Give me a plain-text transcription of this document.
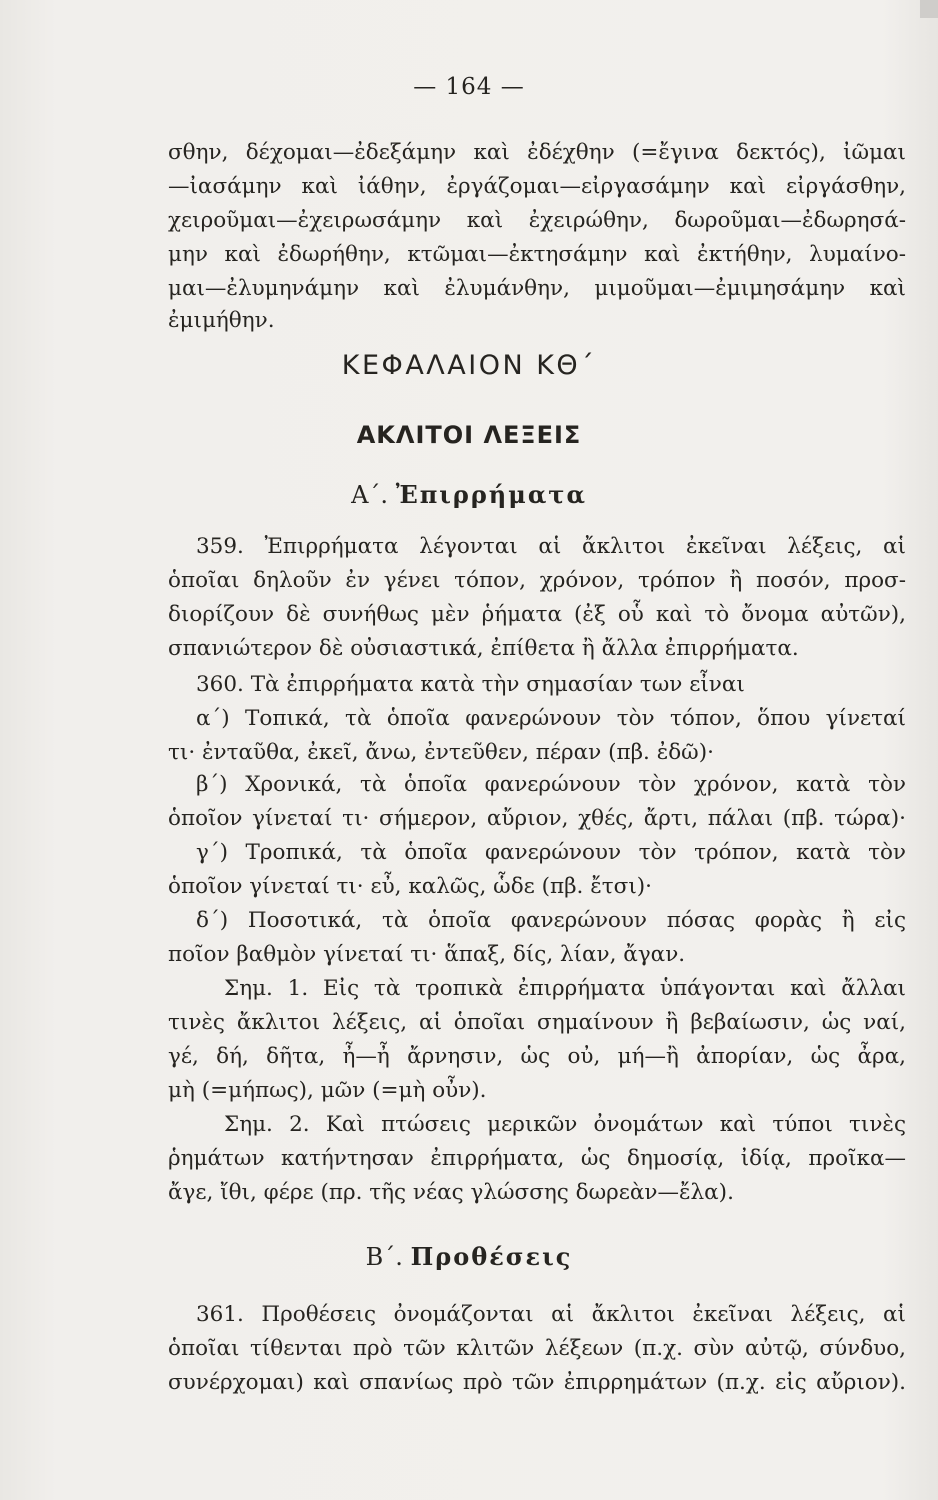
— 164 —
σθην, δέχομαι—ἐδεξάμην καὶ ἐδέχθην (=ἔγινα δεκτός), ἰῶμαι
—ἰασάμην καὶ ἰάθην, ἐργάζομαι—εἰργασάμην καὶ εἰργάσθην,
χειροῦμαι—ἐχειρωσάμην καὶ ἐχειρώθην, δωροῦμαι—ἐδωρησά-
μην καὶ ἐδωρήθην, κτῶμαι—ἐκτησάμην καὶ ἐκτήθην, λυμαίνο-
μαι—ἐλυμηνάμην καὶ ἐλυμάνθην, μιμοῦμαι—ἐμιμησάμην καὶ
ἐμιμήθην.
ΚΕΦΑΛΑΙΟΝ ΚΘ΄
ΑΚΛΙΤΟΙ ΛΕΞΕΙΣ
Α΄. Ἐπιρρήματα
359. Ἐπιρρήματα λέγονται αἱ ἄκλιτοι ἐκεῖναι λέξεις, αἱ
ὁποῖαι δηλοῦν ἐν γένει τόπον, χρόνον, τρόπον ἢ ποσόν, προσ-
διορίζουν δὲ συνήθως μὲν ῥήματα (ἐξ οὗ καὶ τὸ ὄνομα αὐτῶν),
σπανιώτερον δὲ οὐσιαστικά, ἐπίθετα ἢ ἄλλα ἐπιρρήματα.
360. Τὰ ἐπιρρήματα κατὰ τὴν σημασίαν των εἶναι
α΄) Τοπικά, τὰ ὁποῖα φανερώνουν τὸν τόπον, ὅπου γίνεταί
τι· ἐνταῦθα, ἐκεῖ, ἄνω, ἐντεῦθεν, πέραν (πβ. ἐδῶ)·
β΄) Χρονικά, τὰ ὁποῖα φανερώνουν τὸν χρόνον, κατὰ τὸν
ὁποῖον γίνεταί τι· σήμερον, αὔριον, χθές, ἄρτι, πάλαι (πβ. τώρα)·
γ΄) Τροπικά, τὰ ὁποῖα φανερώνουν τὸν τρόπον, κατὰ τὸν
ὁποῖον γίνεταί τι· εὖ, καλῶς, ὧδε (πβ. ἔτσι)·
δ΄) Ποσοτικά, τὰ ὁποῖα φανερώνουν πόσας φορὰς ἢ εἰς
ποῖον βαθμὸν γίνεταί τι· ἅπαξ, δίς, λίαν, ἄγαν.
Σημ. 1. Εἰς τὰ τροπικὰ ἐπιρρήματα ὑπάγονται καὶ ἄλλαι
τινὲς ἄκλιτοι λέξεις, αἱ ὁποῖαι σημαίνουν ἢ βεβαίωσιν, ὡς ναί,
γέ, δή, δῆτα, ἦ—ἦ ἄρνησιν, ὡς οὐ, μή—ἢ ἀπορίαν, ὡς ἆρα,
μὴ (=μήπως), μῶν (=μὴ οὖν).
Σημ. 2. Καὶ πτώσεις μερικῶν ὀνομάτων καὶ τύποι τινὲς
ῥημάτων κατήντησαν ἐπιρρήματα, ὡς δημοσίᾳ, ἰδίᾳ, προῖκα—
ἄγε, ἴθι, φέρε (πρ. τῆς νέας γλώσσης δωρεὰν—ἔλα).
Β΄. Προθέσεις
361. Προθέσεις ὀνομάζονται αἱ ἄκλιτοι ἐκεῖναι λέξεις, αἱ
ὁποῖαι τίθενται πρὸ τῶν κλιτῶν λέξεων (π.χ. σὺν αὐτῷ, σύνδυο,
συνέρχομαι) καὶ σπανίως πρὸ τῶν ἐπιρρημάτων (π.χ. εἰς αὔριον).
